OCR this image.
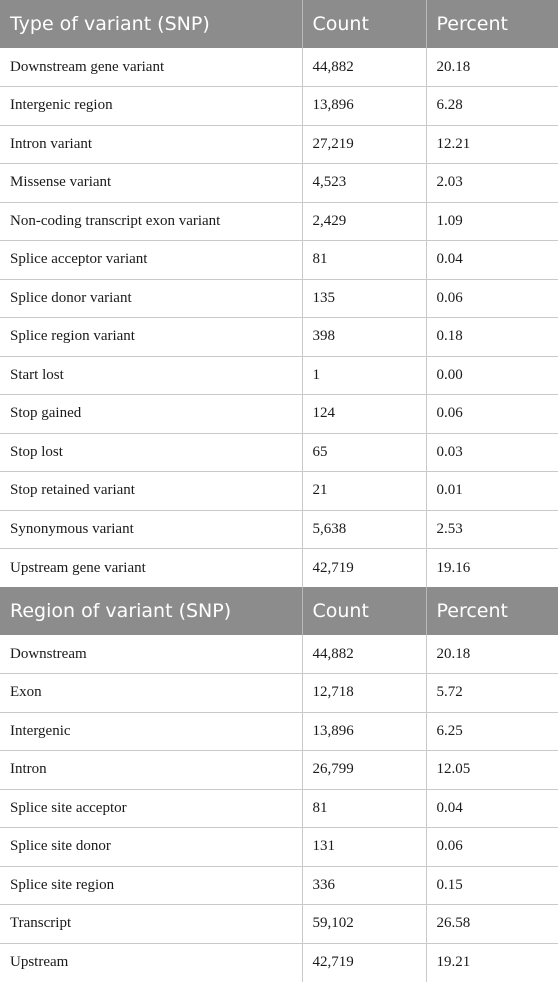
Type of variant (SNP)	Count	Percent
Downstream gene variant	44,882	20.18
Intergenic region	13,896	6.28
Intron variant	27,219	12.21
Missense variant	4,523	2.03
Non-coding transcript exon variant	2,429	1.09
Splice acceptor variant	81	0.04
Splice donor variant	135	0.06
Splice region variant	398	0.18
Start lost	1	0.00
Stop gained	124	0.06
Stop lost	65	0.03
Stop retained variant	21	0.01
Synonymous variant	5,638	2.53
Upstream gene variant	42,719	19.16
Region of variant (SNP)	Count	Percent
Downstream	44,882	20.18
Exon	12,718	5.72
Intergenic	13,896	6.25
Intron	26,799	12.05
Splice site acceptor	81	0.04
Splice site donor	131	0.06
Splice site region	336	0.15
Transcript	59,102	26.58
Upstream	42,719	19.21
